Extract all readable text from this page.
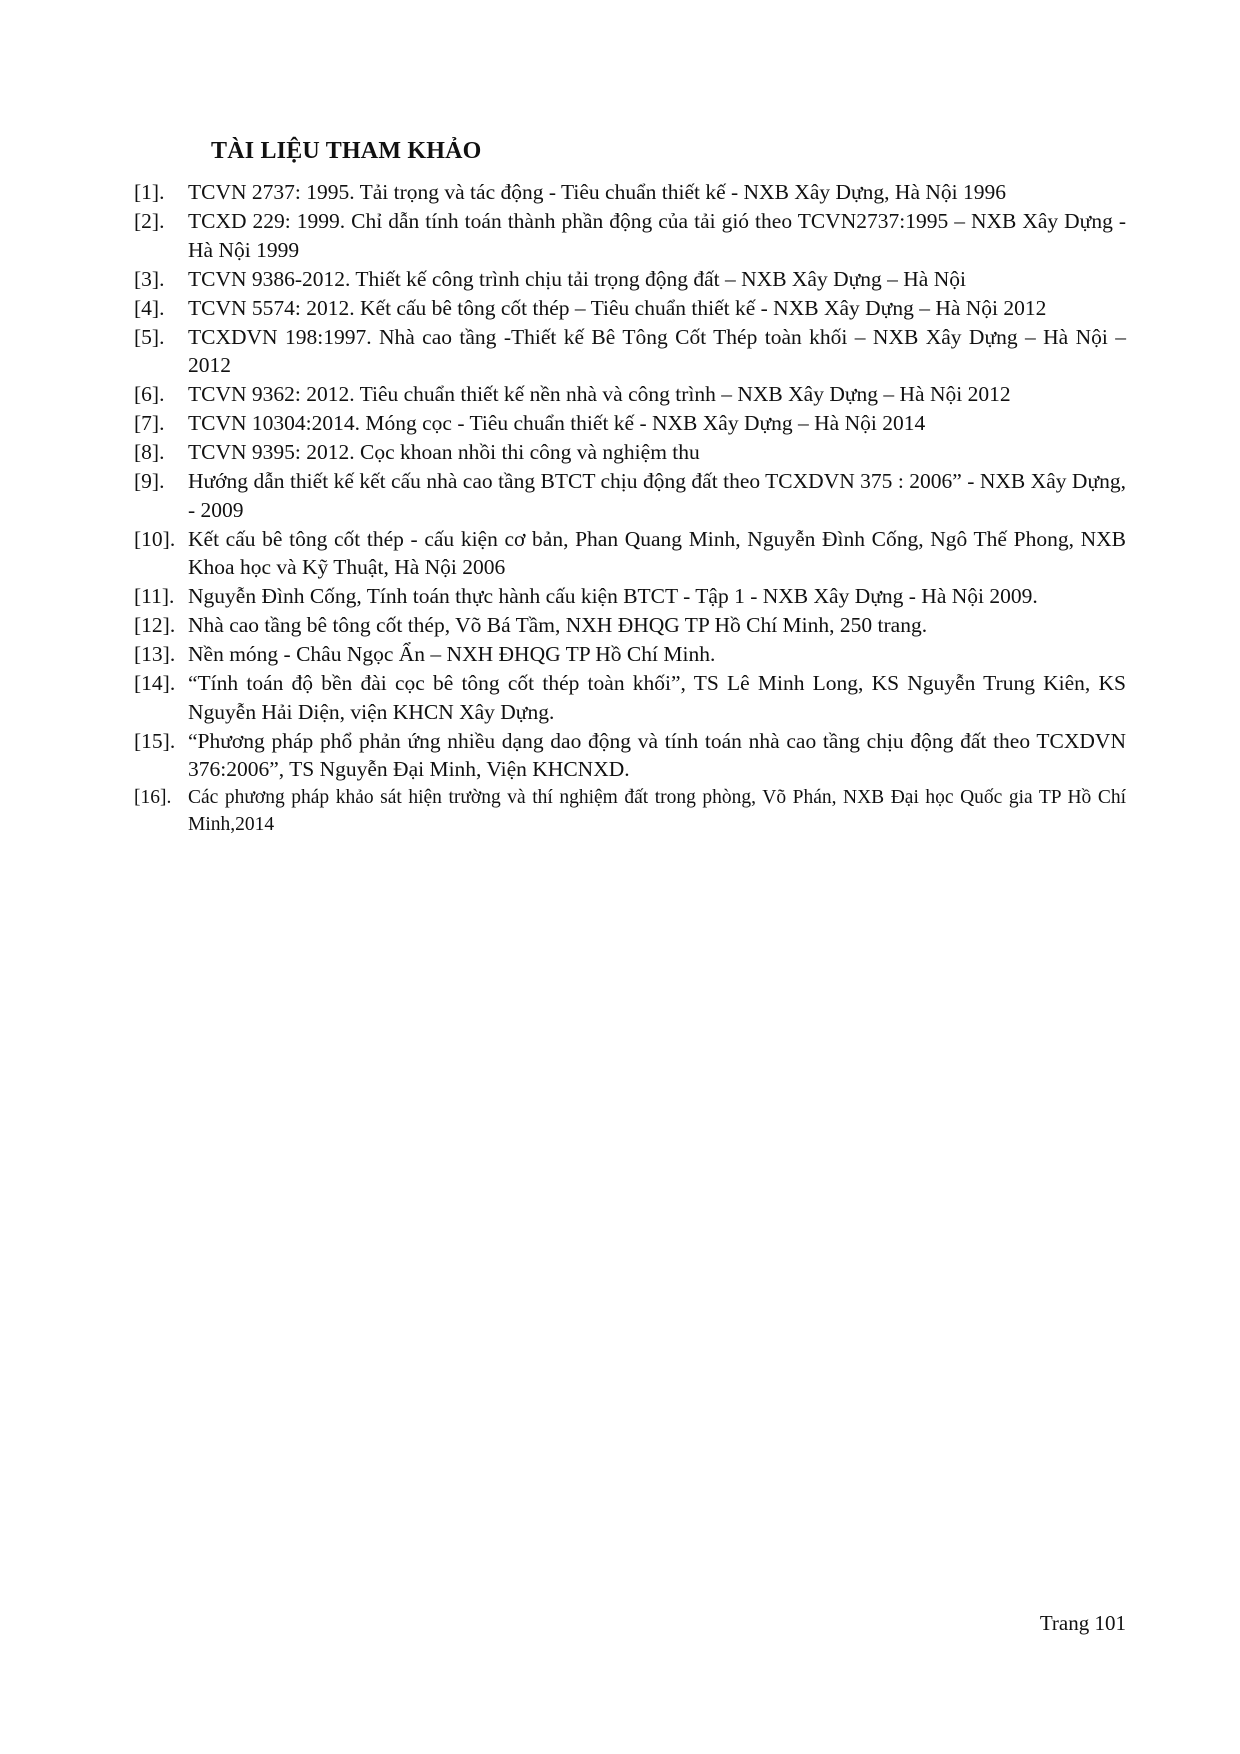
TÀI LIỆU THAM KHẢO
[1].	TCVN 2737: 1995. Tải trọng và tác động - Tiêu chuẩn thiết kế - NXB Xây Dựng, Hà Nội 1996
[2].	TCXD 229: 1999. Chỉ dẫn tính toán thành phần động của tải gió theo TCVN2737:1995 – NXB Xây Dựng - Hà Nội 1999
[3].	TCVN 9386-2012. Thiết kế công trình chịu tải trọng động đất – NXB Xây Dựng – Hà Nội
[4].	TCVN 5574: 2012. Kết cấu bê tông cốt thép – Tiêu chuẩn thiết kế - NXB Xây Dựng – Hà Nội 2012
[5].	TCXDVN 198:1997. Nhà cao tầng -Thiết kế Bê Tông Cốt Thép toàn khối – NXB Xây Dựng – Hà Nội – 2012
[6].	TCVN 9362: 2012. Tiêu chuẩn thiết kế nền nhà và công trình – NXB Xây Dựng – Hà Nội 2012
[7].	TCVN 10304:2014. Móng cọc - Tiêu chuẩn thiết kế - NXB Xây Dựng – Hà Nội 2014
[8].	TCVN 9395: 2012. Cọc khoan nhồi thi công và nghiệm thu
[9].	Hướng dẫn thiết kế kết cấu nhà cao tầng BTCT chịu động đất theo TCXDVN 375 : 2006” - NXB Xây Dựng, - 2009
[10]. Kết cấu bê tông cốt thép - cấu kiện cơ bản, Phan Quang Minh, Nguyễn Đình Cống, Ngô Thế Phong, NXB Khoa học và Kỹ Thuật, Hà Nội 2006
[11]. Nguyễn Đình Cống, Tính toán thực hành cấu kiện BTCT - Tập 1 - NXB Xây Dựng - Hà Nội 2009.
[12]. Nhà cao tầng bê tông cốt thép, Võ Bá Tầm, NXH ĐHQG TP Hồ Chí Minh, 250 trang.
[13]. Nền móng - Châu Ngọc Ẩn – NXH ĐHQG TP Hồ Chí Minh.
[14]. “Tính toán độ bền đài cọc bê tông cốt thép toàn khối”, TS Lê Minh Long, KS Nguyễn Trung Kiên, KS Nguyễn Hải Diện, viện KHCN Xây Dựng.
[15]. “Phương pháp phổ phản ứng nhiều dạng dao động và tính toán nhà cao tầng chịu động đất theo TCXDVN 376:2006”, TS Nguyễn Đại Minh, Viện KHCNXD.
[16]. Các phương pháp khảo sát hiện trường và thí nghiệm đất trong phòng, Võ Phán, NXB Đại học Quốc gia TP Hồ Chí Minh,2014
Trang 101
